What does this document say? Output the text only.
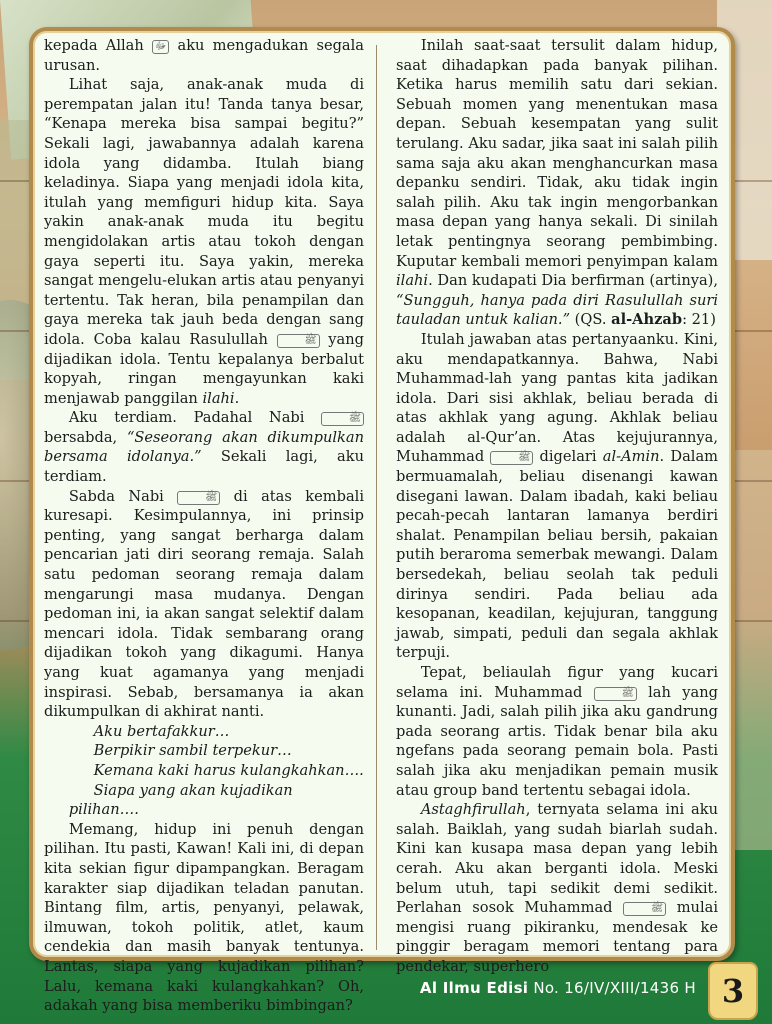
kepada Allah ﷻ aku mengadukan segala urusan.

Lihat saja, anak-anak muda di perempatan jalan itu! Tanda tanya besar, “Kenapa mereka bisa sampai begitu?” Sekali lagi, jawabannya adalah karena idola yang didamba. Itulah biang keladinya. Siapa yang menjadi idola kita, itulah yang memfiguri hidup kita. Saya yakin anak-anak muda itu begitu mengidolakan artis atau tokoh dengan gaya seperti itu. Saya yakin, mereka sangat mengelu-elukan artis atau penyanyi tertentu. Tak heran, bila penampilan dan gaya mereka tak jauh beda dengan sang idola. Coba kalau Rasulullah	ﷺ yang dijadikan idola. Tentu kepalanya berbalut kopyah, ringan mengayunkan kaki menjawab panggilan ilahi.

Aku terdiam. Padahal Nabi	ﷺ bersabda, “Seseorang akan dikumpulkan bersama idolanya.” Sekali lagi, aku terdiam.

Sabda Nabi	ﷺ di atas kembali kuresapi. Kesimpulannya, ini prinsip penting, yang sangat berharga dalam pencarian jati diri seorang remaja. Salah satu pedoman seorang remaja dalam mengarungi masa mudanya. Dengan pedoman ini, ia akan sangat selektif dalam mencari idola. Tidak sembarang orang dijadikan tokoh yang dikagumi. Hanya yang kuat agamanya yang menjadi inspirasi. Sebab, bersamanya ia akan dikumpulkan di akhirat nanti.

Aku bertafakkur…

Berpikir sambil terpekur…

Kemana kaki harus kulangkahkan….

Siapa yang akan kujadikan pilihan….

Memang, hidup ini penuh dengan pilihan. Itu pasti, Kawan! Kali ini, di depan kita sekian figur dipampangkan. Beragam karakter siap dijadikan teladan panutan. Bintang film, artis, penyanyi, pelawak, ilmuwan, tokoh politik, atlet, kaum cendekia dan masih banyak tentunya. Lantas, siapa yang kujadikan pilihan? Lalu, kemana kaki kulangkahkan? Oh, adakah yang bisa memberiku bimbingan?

Inilah saat-saat tersulit dalam hidup, saat dihadapkan pada banyak pilihan. Ketika harus memilih satu dari sekian. Sebuah momen yang menentukan masa depan. Sebuah kesempatan yang sulit terulang. Aku sadar, jika saat ini salah pilih sama saja aku akan menghancurkan masa depanku sendiri. Tidak, aku tidak ingin salah pilih. Aku tak ingin mengorbankan masa depan yang hanya sekali. Di sinilah letak pentingnya seorang pembimbing. Kuputar kembali memori penyimpan kalam ilahi. Dan kudapati Dia berfirman (artinya), “Sungguh, hanya pada diri Rasulullah suri tauladan untuk kalian.” (QS. al-Ahzab: 21)

Itulah jawaban atas pertanyaanku. Kini, aku mendapatkannya. Bahwa, Nabi Muhammad-lah yang pantas kita jadikan idola. Dari sisi akhlak, beliau berada di atas akhlak yang agung. Akhlak beliau adalah al-Qur’an. Atas kejujurannya, Muhammad	ﷺ digelari al-Amin. Dalam bermuamalah, beliau disenangi kawan disegani lawan. Dalam ibadah, kaki beliau pecah-pecah lantaran lamanya berdiri shalat. Penampilan beliau bersih, pakaian putih beraroma semerbak mewangi. Dalam bersedekah, beliau seolah tak peduli dirinya sendiri. Pada beliau ada kesopanan, keadilan, kejujuran, tanggung jawab, simpati, peduli dan segala akhlak terpuji.

Tepat, beliaulah figur yang kucari selama ini. Muhammad	ﷺ lah yang kunanti. Jadi, salah pilih jika aku gandrung pada seorang artis. Tidak benar bila aku ngefans pada seorang pemain bola. Pasti salah jika aku menjadikan pemain musik atau group band tertentu sebagai idola.

Astaghfirullah, ternyata selama ini aku salah. Baiklah, yang sudah biarlah sudah. Kini kan kusapa masa depan yang lebih cerah. Aku akan berganti idola. Meski belum utuh, tapi sedikit demi sedikit. Perlahan sosok Muhammad	ﷺ mulai mengisi ruang pikiranku, mendesak ke pinggir beragam memori tentang para pendekar, superhero

Al Ilmu Edisi No. 16/IV/XIII/1436 H 3
